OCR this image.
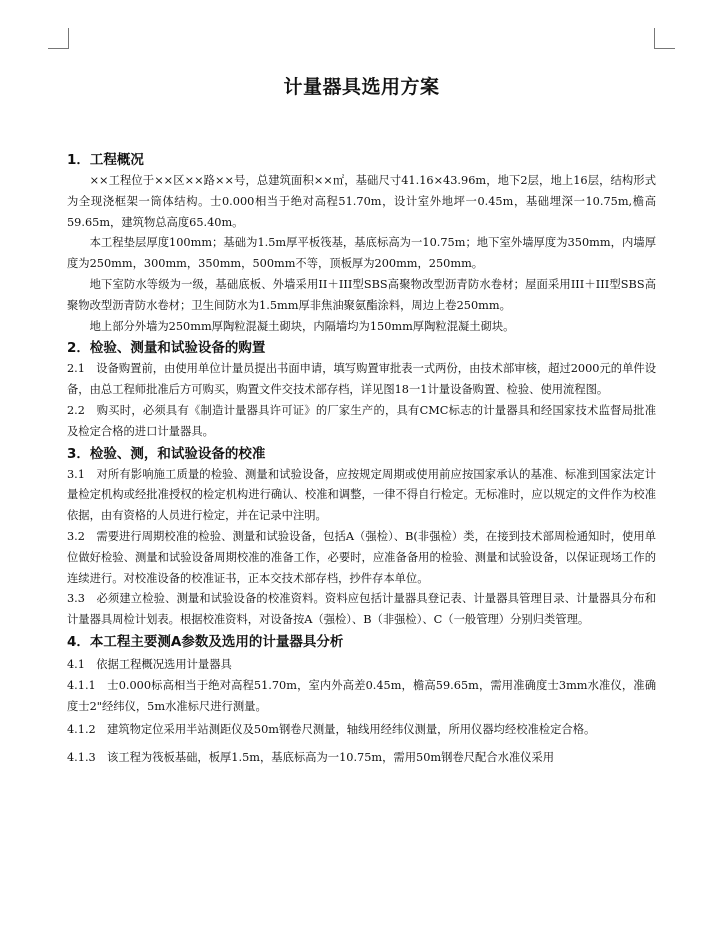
计量器具选用方案
1．工程概况

××工程位于××区××路××号，总建筑面积××㎡，基础尺寸41.16×43.96m，地下2层，地上16层，结构形式为全现浇框架一筒体结构。士0.000相当于绝对高程51.70m，设计室外地坪一0.45m，基础埋深一10.75m,檐高59.65m，建筑物总高度65.40m。

本工程垫层厚度100mm；基础为1.5m厚平板筏基，基底标高为一10.75m；地下室外墙厚度为350mm，内墙厚度为250mm，300mm，350mm，500mm不等，顶板厚为200mm，250mm。

地下室防水等级为一级，基础底板、外墙采用II＋III型SBS高聚物改型沥青防水卷材；屋面采用III＋III型SBS高聚物改型沥青防水卷材；卫生间防水为1.5mm厚非焦油聚氨酯涂料，周边上卷250mm。

地上部分外墙为250mm厚陶粒混凝土砌块，内隔墙均为150mm厚陶粒混凝土砌块。

2．检验、测量和试验设备的购置

2.1　设备购置前，由使用单位计量员提出书面申请，填写购置审批表一式两份，由技术部审核，超过2000元的单件设备，由总工程师批准后方可购买，购置文件交技术部存档，详见图18一1计量设备购置、检验、使用流程图。

2.2　购买时，必须具有《制造计量器具许可证》的厂家生产的，具有CMC标志的计量器具和经国家技术监督局批准及检定合格的进口计量器具。

3．检验、测，和试验设备的校准

3.1　对所有影响施工质量的检验、测量和试验设备，应按规定周期或使用前应按国家承认的基准、标准到国家法定计量检定机构或经批准授权的检定机构进行确认、校准和调整，一律不得自行检定。无标准时，应以规定的文件作为校准依据，由有资格的人员进行检定，并在记录中注明。

3.2　需要进行周期校准的检验、测量和试验设备，包括A（强检）、B(非强检）类，在接到技术部周检通知时，使用单位做好检验、测量和试验设备周期校准的准备工作，必要时，应准备备用的检验、测量和试验设备，以保证现场工作的连续进行。对校准设备的校准证书，正本交技术部存档，抄件存本单位。

3.3　必须建立检验、测量和试验设备的校准资料。资料应包括计量器具登记表、计量器具管理目录、计量器具分布和计量器具周检计划表。根据校准资料，对设备按A（强检）、B（非强检）、C（一般管理）分别归类管理。

4．本工程主要测A参数及选用的计量器具分析

4.1　依据工程概况选用计量器具

4.1.1　士0.000标高相当于绝对高程51.70m，室内外高差0.45m，檐高59.65m，需用准确度士3mm水准仪，准确度士2"经纬仪，5m水准标尺进行测量。

4.1.2　建筑物定位采用半站测距仪及50m钢卷尺测量，轴线用经纬仪测量，所用仪器均经校准检定合格。

4.1.3　该工程为筏板基础，板厚1.5m，基底标高为一10.75m，需用50m钢卷尺配合水准仪采用
